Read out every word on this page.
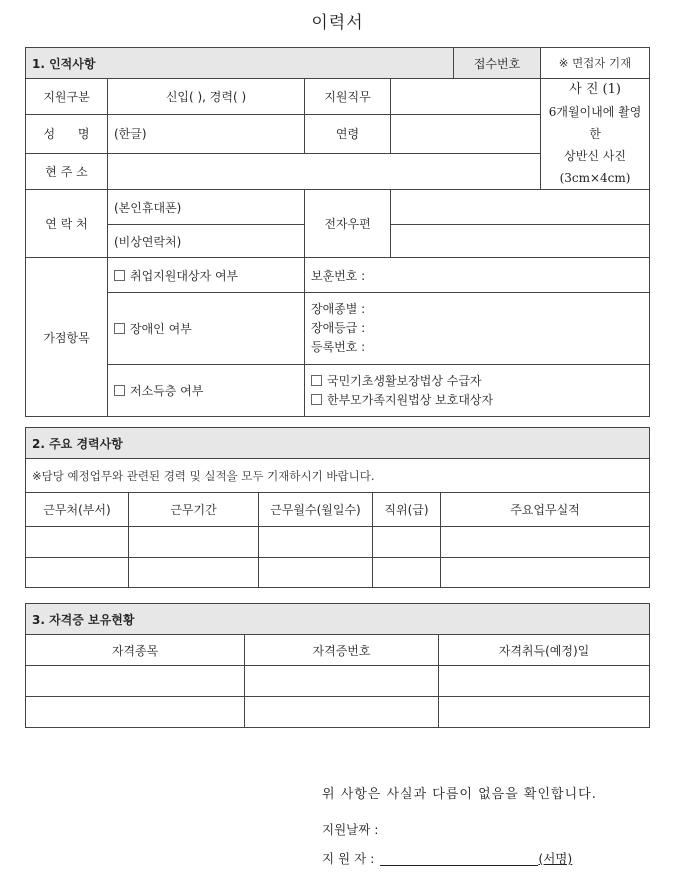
이력서
1. 인적사항				접수번호	※ 면접자 기재
지원구분	신입( ), 경력( )	지원직무			사 진 (1)
6개월이내에 촬영한
상반신 사진
(3cm×4cm)

성      명	(한글)	연령			
현 주 소					
연 락 처	(본인휴대폰)	전자우편			
	(비상연락처)				
가점항목	취업지원대상자 여부	보훈번호 :			
	장애인 여부	장애종별 :
장애등급 :
등록번호 :			

	저소득층 여부	국민기초생활보장법상 수급자
한부모가족지원법상 보호대상자			
2. 주요 경력사항				
※담당 예정업무와 관련된 경력 및 실적을 모두 기재하시기 바랍니다.				
근무처(부서)	근무기간	근무월수(월일수)	직위(급)	주요업무실적

3. 자격증 보유현황		
자격종목	자격증번호	자격취득(예정)일

위 사항은 사실과 다름이 없음을 확인합니다.
지원날짜 :
지 원 자 :	(서명)
